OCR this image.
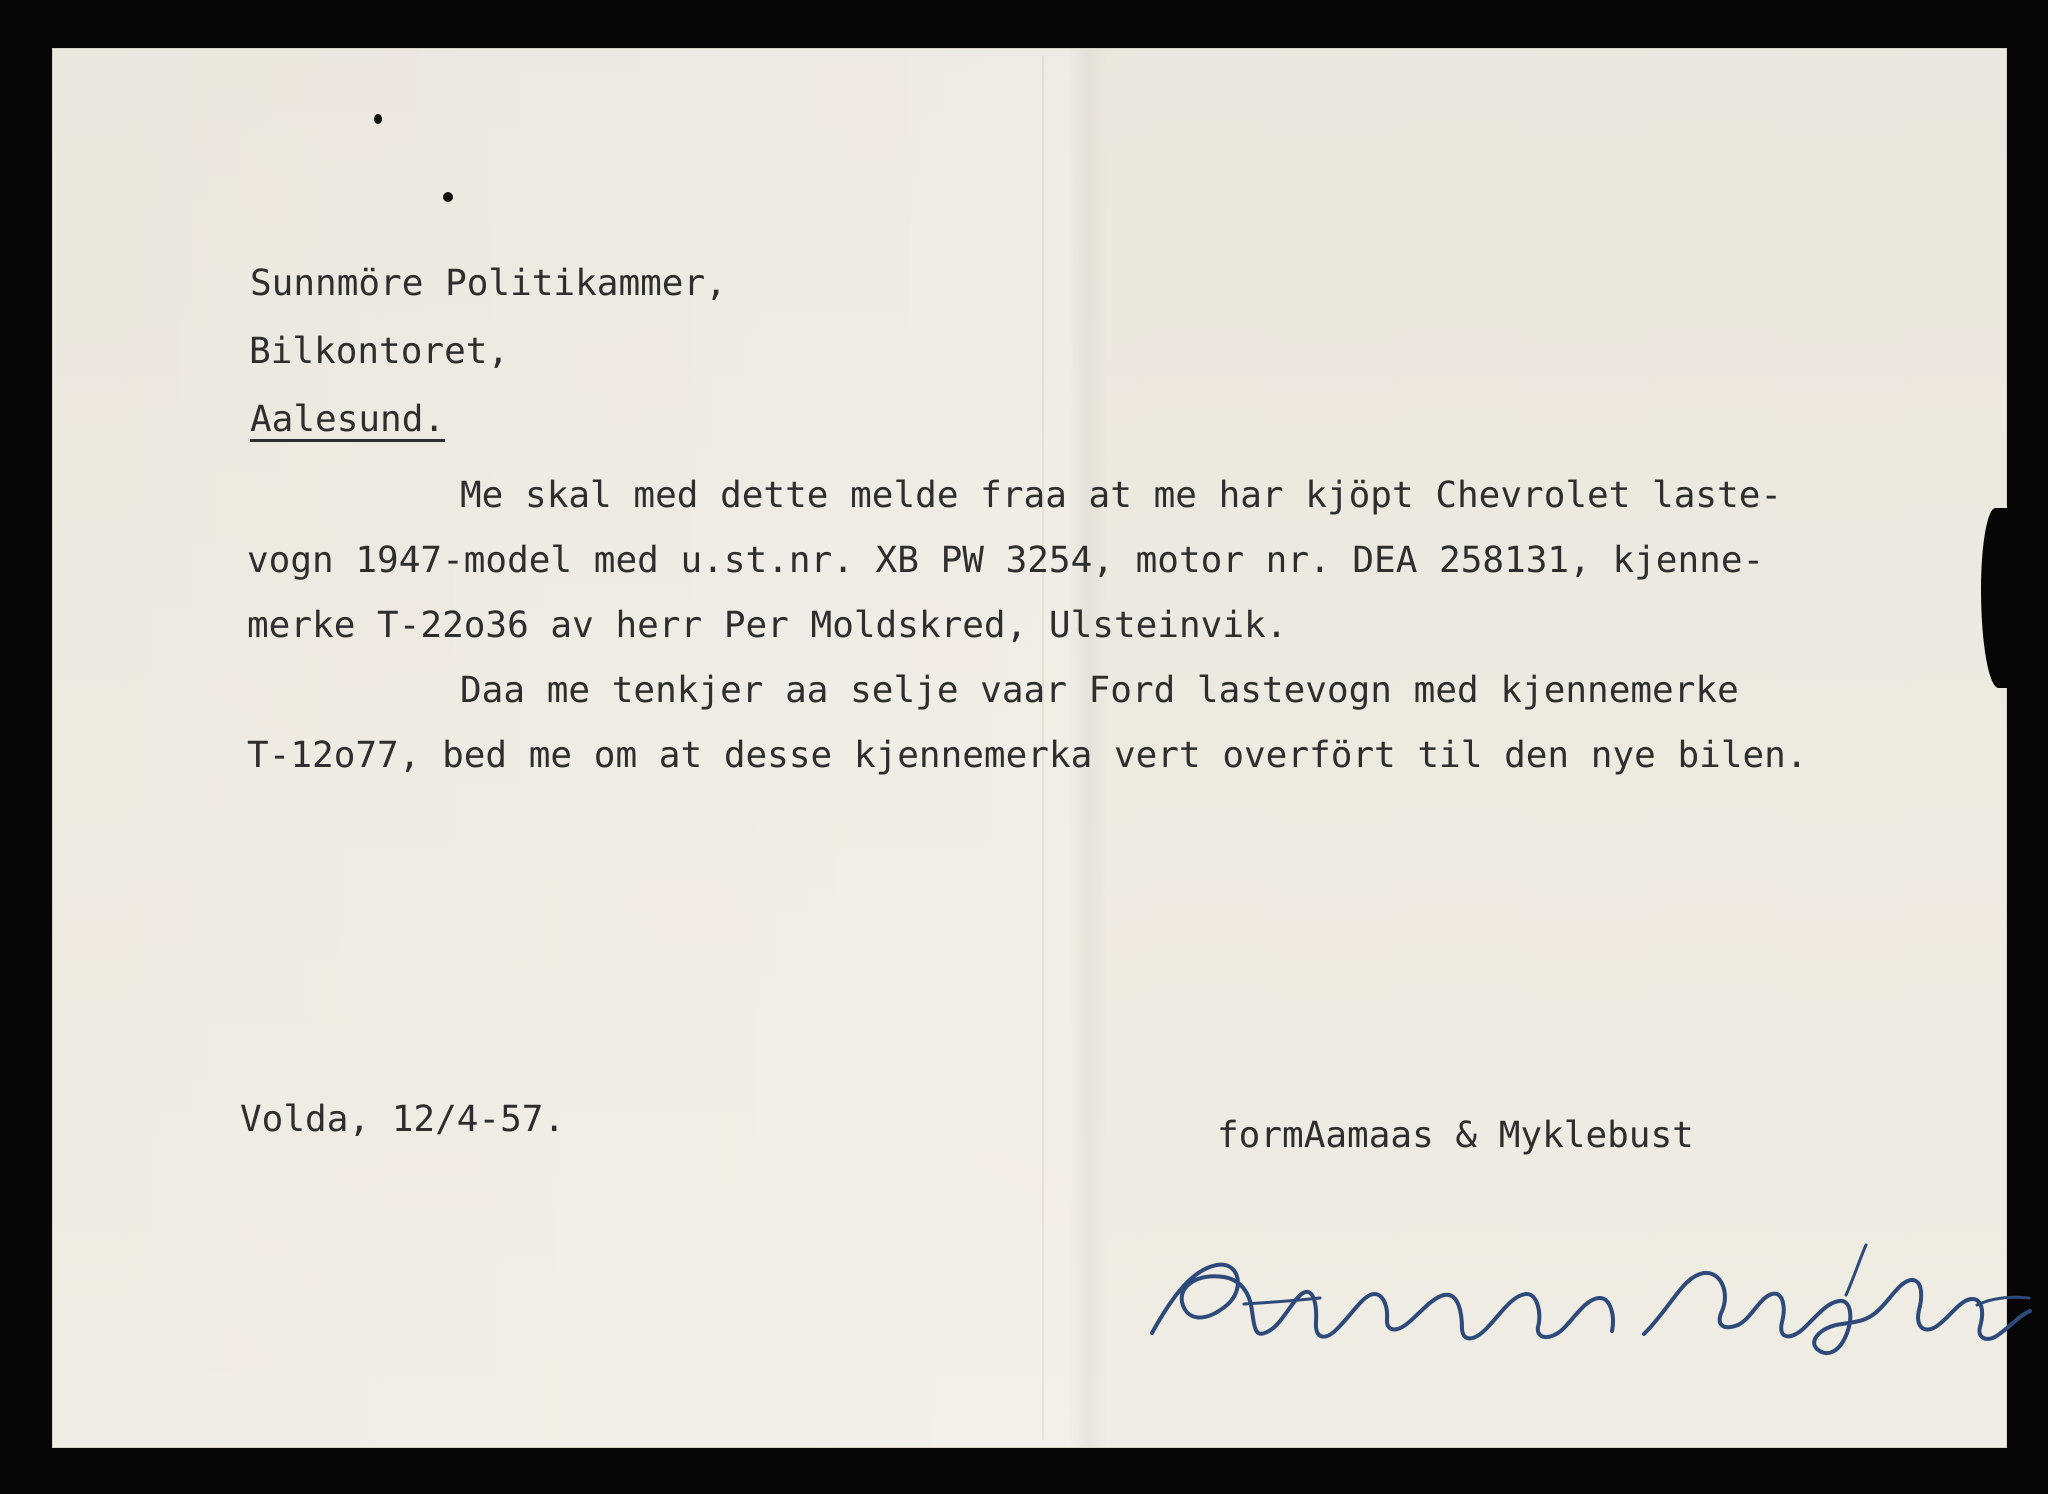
Sunnmöre Politikammer,
Bilkontoret,
Aalesund.
Me skal med dette melde fraa at me har kjöpt Chevrolet laste-
vogn 1947-model med u.st.nr. XB PW 3254, motor nr. DEA 258131, kjenne-
merke T-22o36 av herr Per Moldskred, Ulsteinvik.
Daa me tenkjer aa selje vaar Ford lastevogn med kjennemerke
T-12o77, bed me om at desse kjennemerka vert overfört til den nye bilen.
Volda, 12/4-57.	formAamaas & Myklebust
